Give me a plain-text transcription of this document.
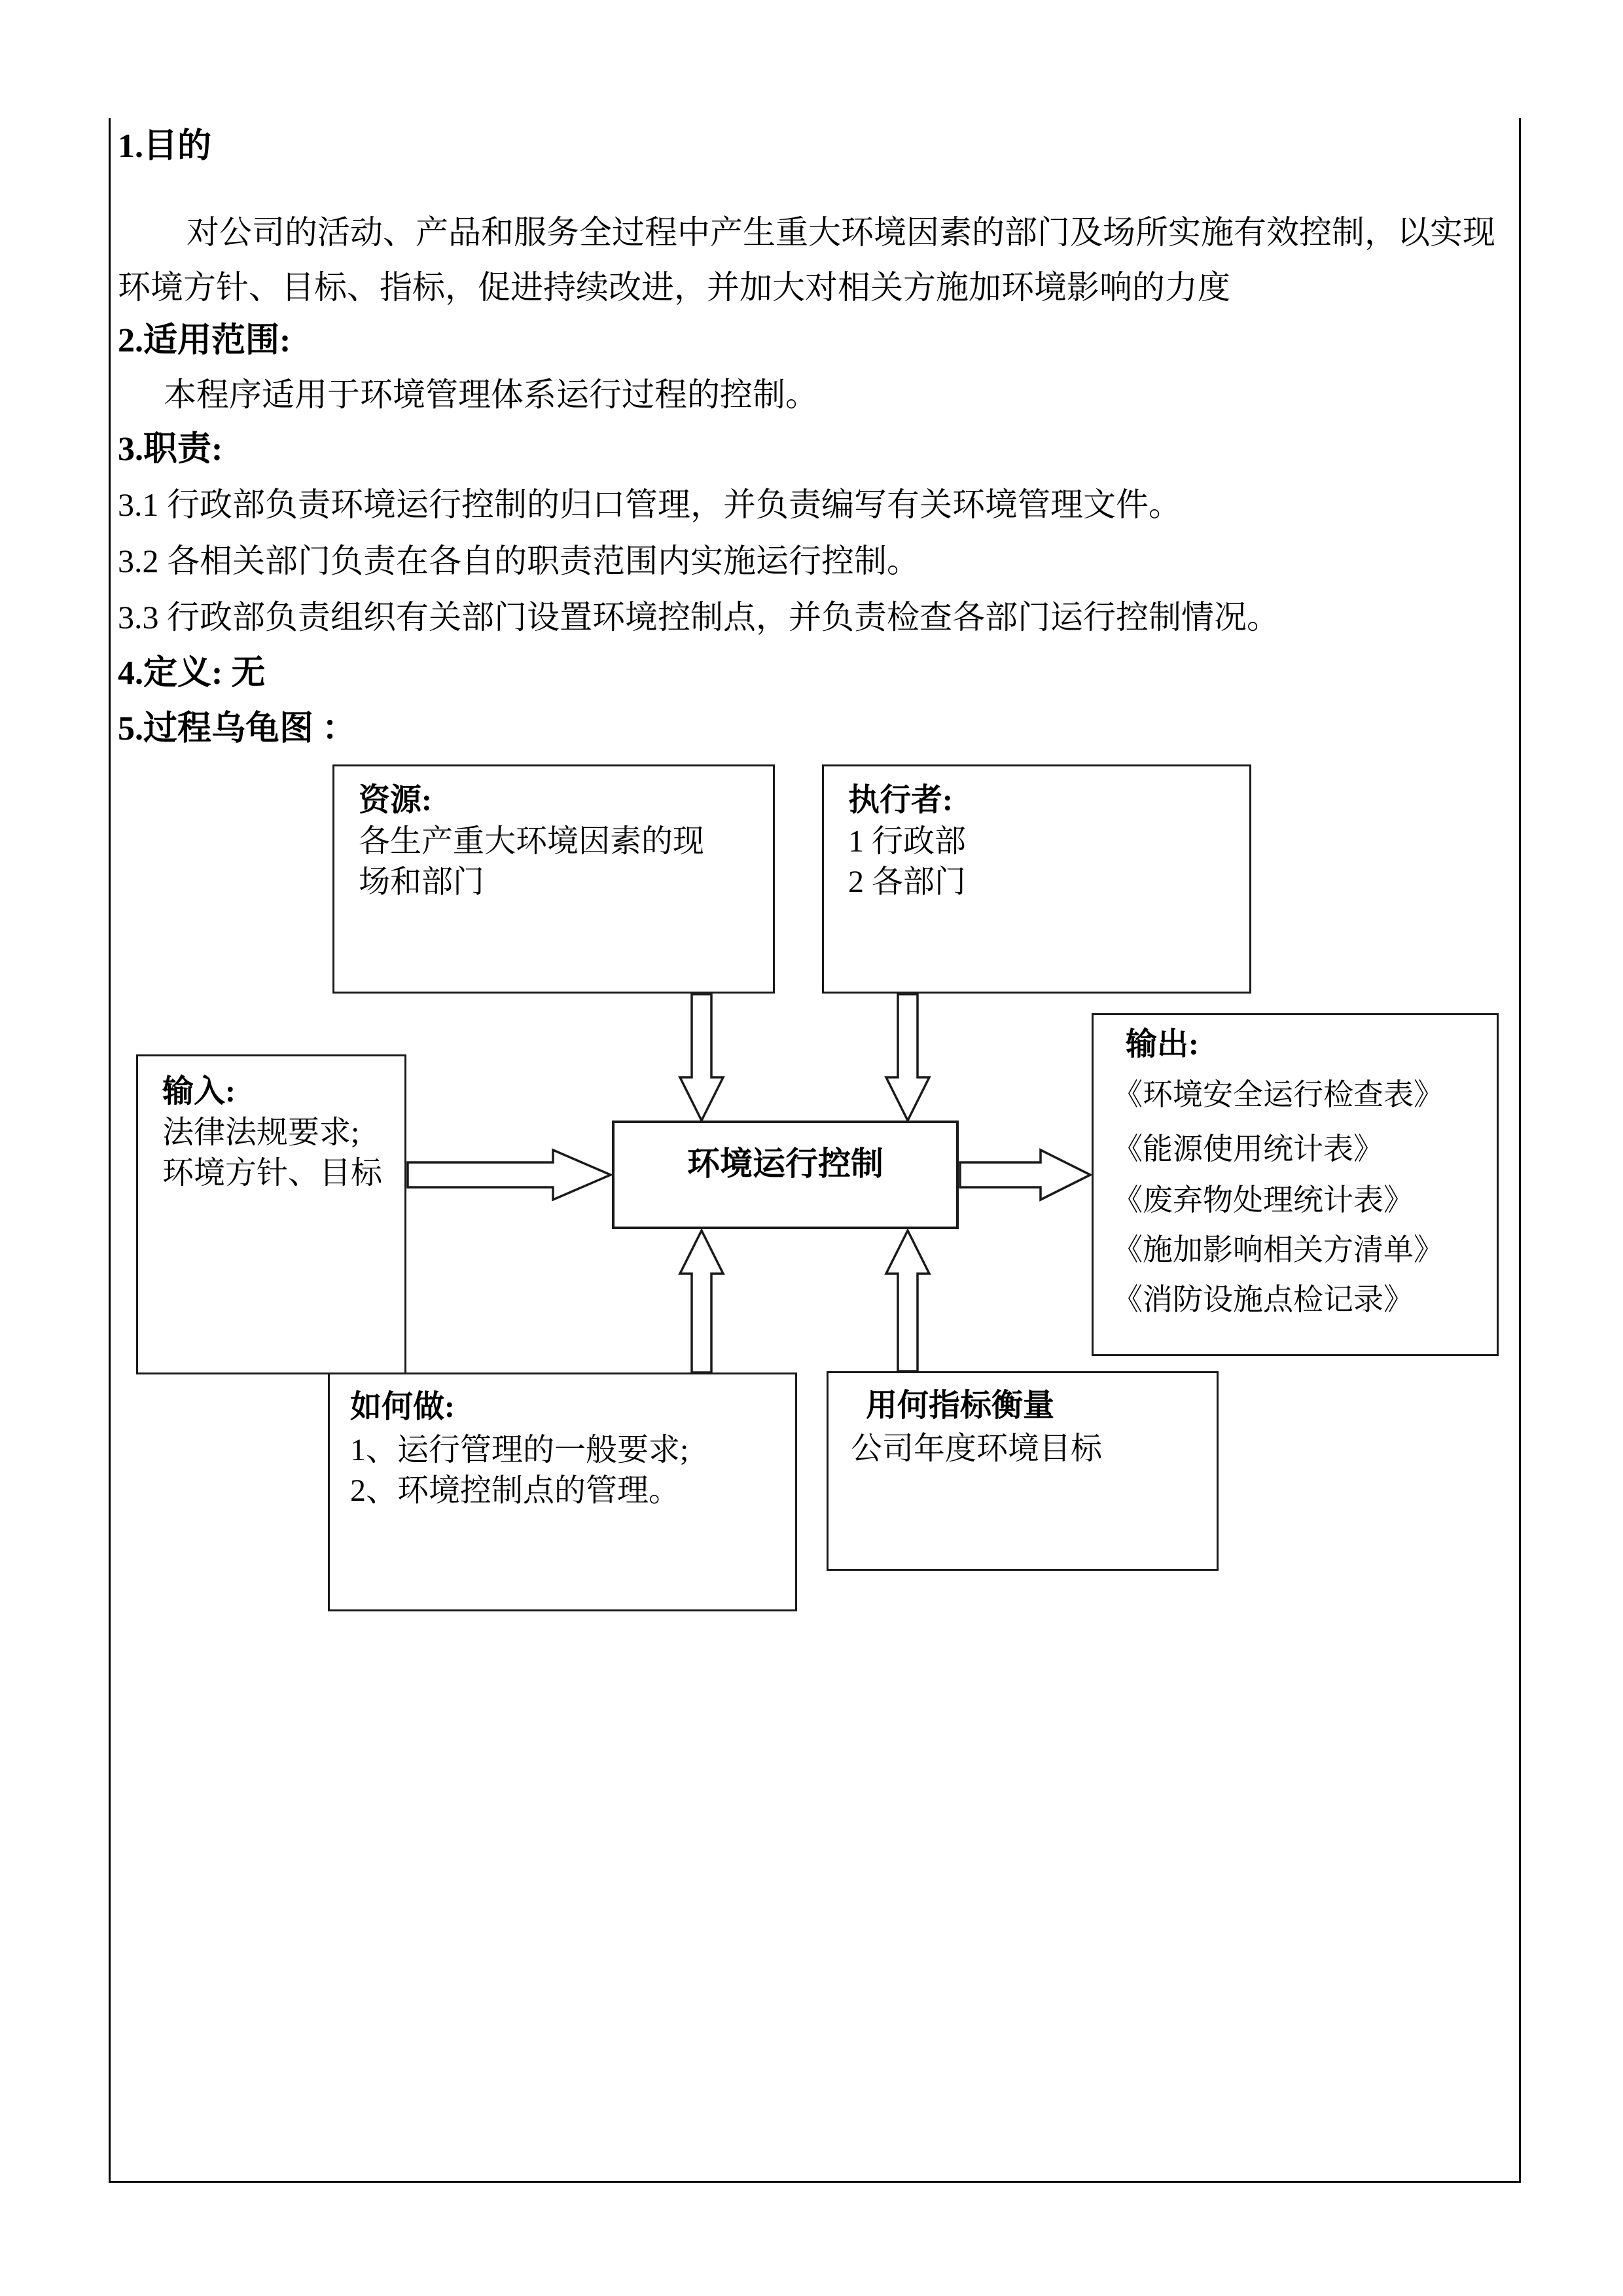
1.目的
对公司的活动、产品和服务全过程中产生重大环境因素的部门及场所实施有效控制，以实现
环境方针、目标、指标，促进持续改进，并加大对相关方施加环境影响的力度
2.适用范围:
本程序适用于环境管理体系运行过程的控制。
3.职责:
3.1 行政部负责环境运行控制的归口管理，并负责编写有关环境管理文件。
3.2 各相关部门负责在各自的职责范围内实施运行控制。
3.3 行政部负责组织有关部门设置环境控制点，并负责检查各部门运行控制情况。
4.定义: 无
5.过程乌龟图 ：
资源:
各生产重大环境因素的现
场和部门
执行者:
1 行政部
2 各部门
输入:
法律法规要求;
环境方针、目标	环境运行控制
输出:
《环境安全运行检查表》
《能源使用统计表》
《废弃物处理统计表》
《施加影响相关方清单》
《消防设施点检记录》
如何做:
1、运行管理的一般要求;
2、环境控制点的管理。
用何指标衡量
公司年度环境目标
